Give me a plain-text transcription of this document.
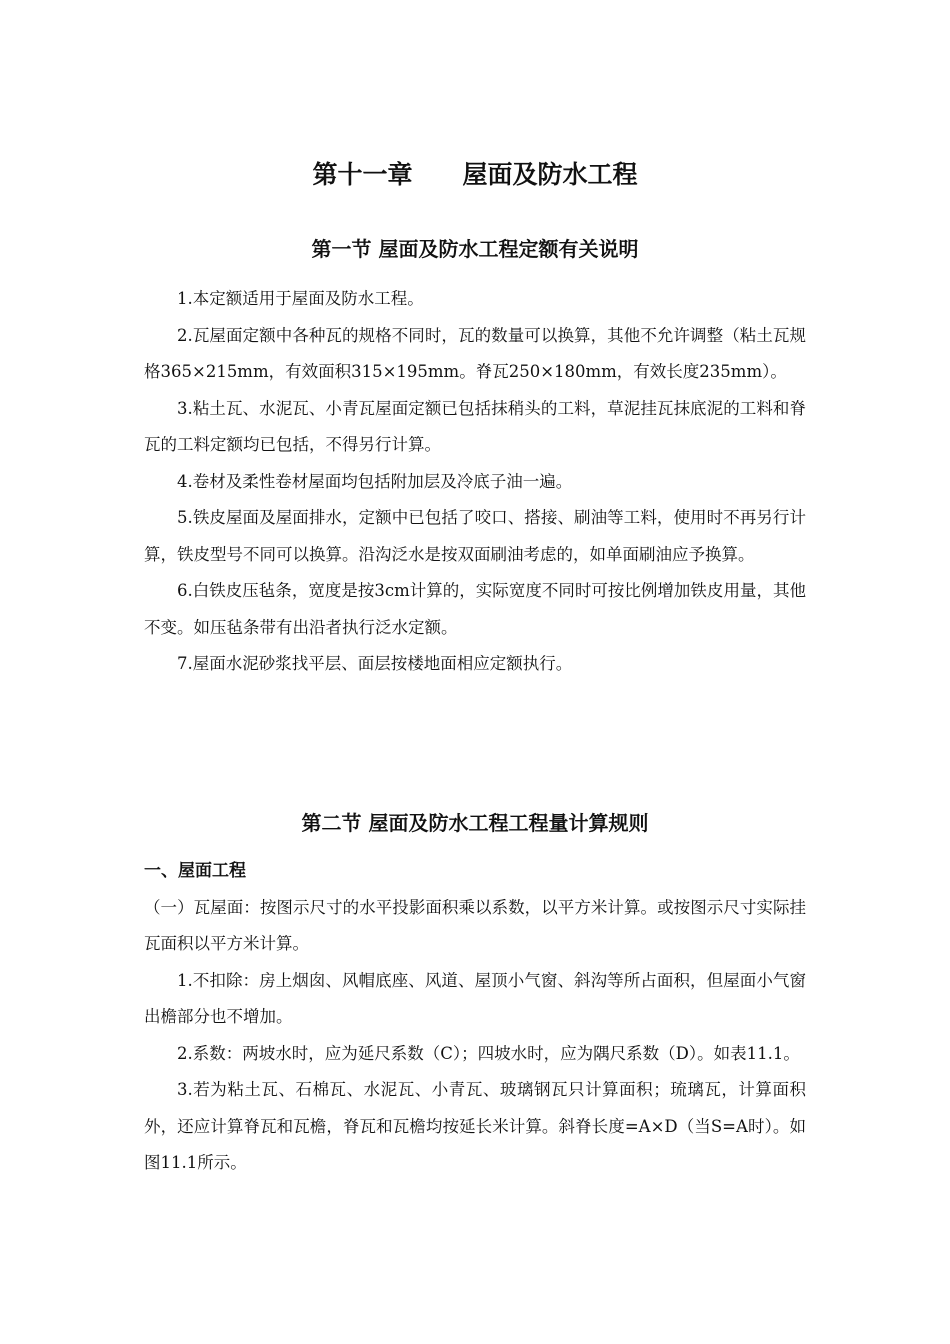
第十一章　　屋面及防水工程
第一节 屋面及防水工程定额有关说明

1.本定额适用于屋面及防水工程。

2.瓦屋面定额中各种瓦的规格不同时，瓦的数量可以换算，其他不允许调整（粘土瓦规格365×215mm，有效面积315×195mm。脊瓦250×180mm，有效长度235mm）。

3.粘土瓦、水泥瓦、小青瓦屋面定额已包括抹稍头的工料，草泥挂瓦抹底泥的工料和脊瓦的工料定额均已包括，不得另行计算。

4.卷材及柔性卷材屋面均包括附加层及冷底子油一遍。

5.铁皮屋面及屋面排水，定额中已包括了咬口、搭接、刷油等工料，使用时不再另行计算，铁皮型号不同可以换算。沿沟泛水是按双面刷油考虑的，如单面刷油应予换算。

6.白铁皮压毡条，宽度是按3cm计算的，实际宽度不同时可按比例增加铁皮用量，其他不变。如压毡条带有出沿者执行泛水定额。

7.屋面水泥砂浆找平层、面层按楼地面相应定额执行。

第二节 屋面及防水工程工程量计算规则

一、屋面工程

（一）瓦屋面：按图示尺寸的水平投影面积乘以系数，以平方米计算。或按图示尺寸实际挂瓦面积以平方米计算。

1.不扣除：房上烟囱、风帽底座、风道、屋顶小气窗、斜沟等所占面积，但屋面小气窗出檐部分也不增加。

2.系数：两坡水时，应为延尺系数（C）；四坡水时，应为隅尺系数（D）。如表11.1。

3.若为粘土瓦、石棉瓦、水泥瓦、小青瓦、玻璃钢瓦只计算面积；琉璃瓦，计算面积外，还应计算脊瓦和瓦檐，脊瓦和瓦檐均按延长米计算。斜脊长度=A×D（当S=A时）。如图11.1所示。
